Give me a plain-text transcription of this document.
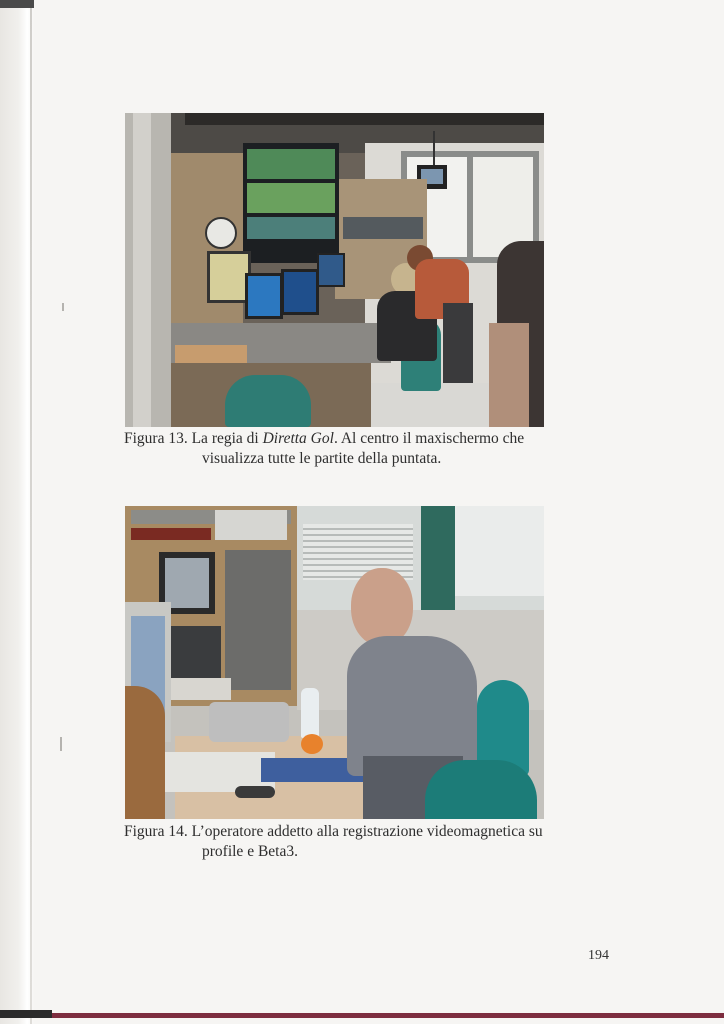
Figura 13. La regia di Diretta Gol. Al centro il maxischermo che
visualizza tutte le partite della puntata.
Figura 14. L’operatore addetto alla registrazione videomagnetica su
profile e Beta3.
194
